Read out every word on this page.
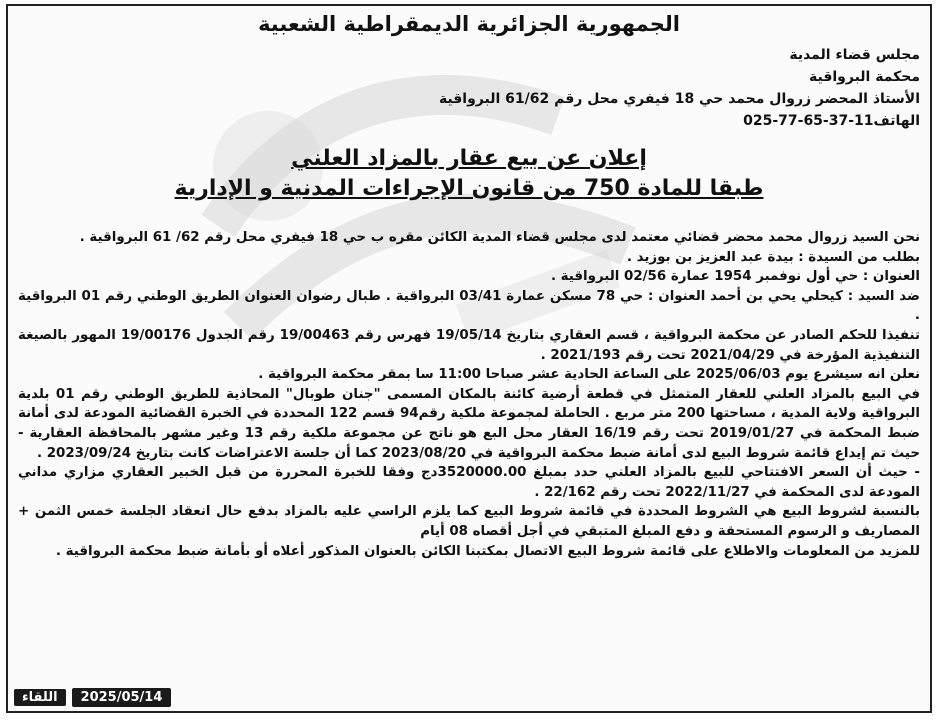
الجمهورية الجزائرية الديمقراطية الشعبية
مجلس قضاء المدية
محكمة البرواقية
الأستاذ المحضر زروال محمد حي 18 فيفري محل رقم 61/62 البرواقية
الهاتف11-37-65-77-025
إعلان عن بيع عقار بالمزاد العلني
طبقا للمادة 750 من قانون الإجراءات المدنية و الإدارية

نحن السيد زروال محمد محضر قضائي معتمد لدى مجلس قضاء المدية الكائن مقره ب حي 18 فيفري محل رقم 62/ 61 البرواقية .

بطلب من السيدة : بيدة عبد العزيز بن بوزيد .

العنوان : حي أول نوفمبر 1954 عمارة 02/56 البرواقية .

ضد السيد : كيحلي يحي بن أحمد العنوان : حي 78 مسكن عمارة 03/41 البرواقية . طبال رضوان العنوان الطريق الوطني رقم 01 البرواقية .

تنفيذا للحكم الصادر عن محكمة البرواقية ، قسم العقاري بتاريخ 19/05/14 فهرس رقم 19/00463 رقم الجدول 19/00176 المهور بالصيغة التنفيذية المؤرخة في 2021/04/29 تحت رقم 2021/193 .

نعلن انه سيشرع يوم 2025/06/03 على الساعة الحادية عشر صباحا 11:00 سا بمقر محكمة البرواقية .

في البيع بالمزاد العلني للعقار المتمثل في قطعة أرضية كائنة بالمكان المسمى "جنان طوبال" المحاذية للطريق الوطني رقم 01 بلدية البرواقية ولاية المدية ، مساحتها 200 متر مربع . الحاملة لمجموعة ملكية رقم94 قسم 122 المحددة في الخبرة القضائية المودعة لدى أمانة ضبط المحكمة في 2019/01/27 تحت رقم 16/19 العقار محل البع هو ناتج عن مجموعة ملكية رقم 13 وغير مشهر بالمحافظة العقارية - حيث تم إيداع قائمة شروط البيع لدى أمانة ضبط محكمة البرواقية في 2023/08/20 كما أن جلسة الاعتراضات كانت بتاريخ 2023/09/24 .

- حيث أن السعر الافتتاحي للبيع بالمزاد العلني حدد بمبلغ 3520000.00دج وفقا للخبرة المحررة من قبل الخبير العقاري مزاري مداني المودعة لدى المحكمة في 2022/11/27 تحت رقم 22/162 .

بالنسبة لشروط البيع هي الشروط المحددة في قائمة شروط البيع كما يلزم الراسي عليه بالمزاد بدفع حال انعقاد الجلسة خمس الثمن + المصاريف و الرسوم المستحقة و دفع المبلغ المتبقي في أجل أقصاه 08 أيام

للمزيد من المعلومات والاطلاع على قائمة شروط البيع الاتصال بمكتبنا الكائن بالعنوان المذكور أعلاه أو بأمانة ضبط محكمة البرواقية .

اللقاء	2025/05/14
